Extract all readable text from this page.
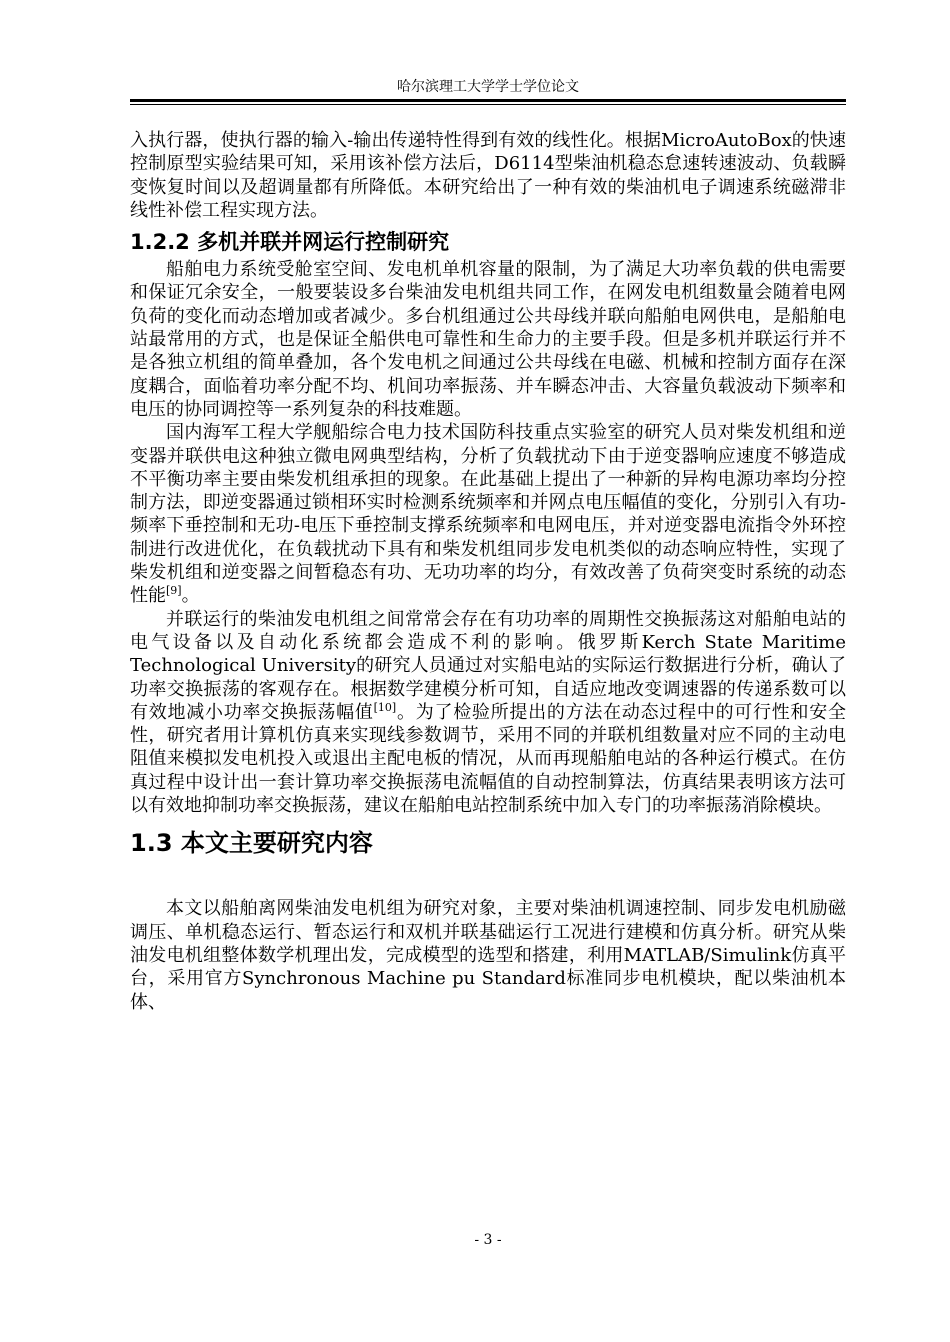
哈尔滨理工大学学士学位论文

入执行器，使执行器的输入-输出传递特性得到有效的线性化。根据MicroAutoBox的快速控制原型实验结果可知，采用该补偿方法后，D6114型柴油机稳态怠速转速波动、负载瞬变恢复时间以及超调量都有所降低。本研究给出了一种有效的柴油机电子调速系统磁滞非线性补偿工程实现方法。

1.2.2 多机并联并网运行控制研究

船舶电力系统受舱室空间、发电机单机容量的限制，为了满足大功率负载的供电需要和保证冗余安全，一般要装设多台柴油发电机组共同工作，在网发电机组数量会随着电网负荷的变化而动态增加或者减少。多台机组通过公共母线并联向船舶电网供电，是船舶电站最常用的方式，也是保证全船供电可靠性和生命力的主要手段。但是多机并联运行并不是各独立机组的简单叠加，各个发电机之间通过公共母线在电磁、机械和控制方面存在深度耦合，面临着功率分配不均、机间功率振荡、并车瞬态冲击、大容量负载波动下频率和电压的协同调控等一系列复杂的科技难题。

国内海军工程大学舰船综合电力技术国防科技重点实验室的研究人员对柴发机组和逆变器并联供电这种独立微电网典型结构，分析了负载扰动下由于逆变器响应速度不够造成不平衡功率主要由柴发机组承担的现象。在此基础上提出了一种新的异构电源功率均分控制方法，即逆变器通过锁相环实时检测系统频率和并网点电压幅值的变化，分别引入有功-频率下垂控制和无功-电压下垂控制支撑系统频率和电网电压，并对逆变器电流指令外环控制进行改进优化，在负载扰动下具有和柴发机组同步发电机类似的动态响应特性，实现了柴发机组和逆变器之间暂稳态有功、无功功率的均分，有效改善了负荷突变时系统的动态性能[9]。

并联运行的柴油发电机组之间常常会存在有功功率的周期性交换振荡这对船舶电站的电气设备以及自动化系统都会造成不利的影响。俄罗斯Kerch State Maritime Technological University的研究人员通过对实船电站的实际运行数据进行分析，确认了功率交换振荡的客观存在。根据数学建模分析可知，自适应地改变调速器的传递系数可以有效地减小功率交换振荡幅值[10]。为了检验所提出的方法在动态过程中的可行性和安全性，研究者用计算机仿真来实现线参数调节，采用不同的并联机组数量对应不同的主动电阻值来模拟发电机投入或退出主配电板的情况，从而再现船舶电站的各种运行模式。在仿真过程中设计出一套计算功率交换振荡电流幅值的自动控制算法，仿真结果表明该方法可以有效地抑制功率交换振荡，建议在船舶电站控制系统中加入专门的功率振荡消除模块。

1.3 本文主要研究内容

本文以船舶离网柴油发电机组为研究对象，主要对柴油机调速控制、同步发电机励磁调压、单机稳态运行、暂态运行和双机并联基础运行工况进行建模和仿真分析。研究从柴油发电机组整体数学机理出发，完成模型的选型和搭建，利用MATLAB/Simulink仿真平台，采用官方Synchronous Machine pu Standard标准同步电机模块，配以柴油机本体、

- 3 -
